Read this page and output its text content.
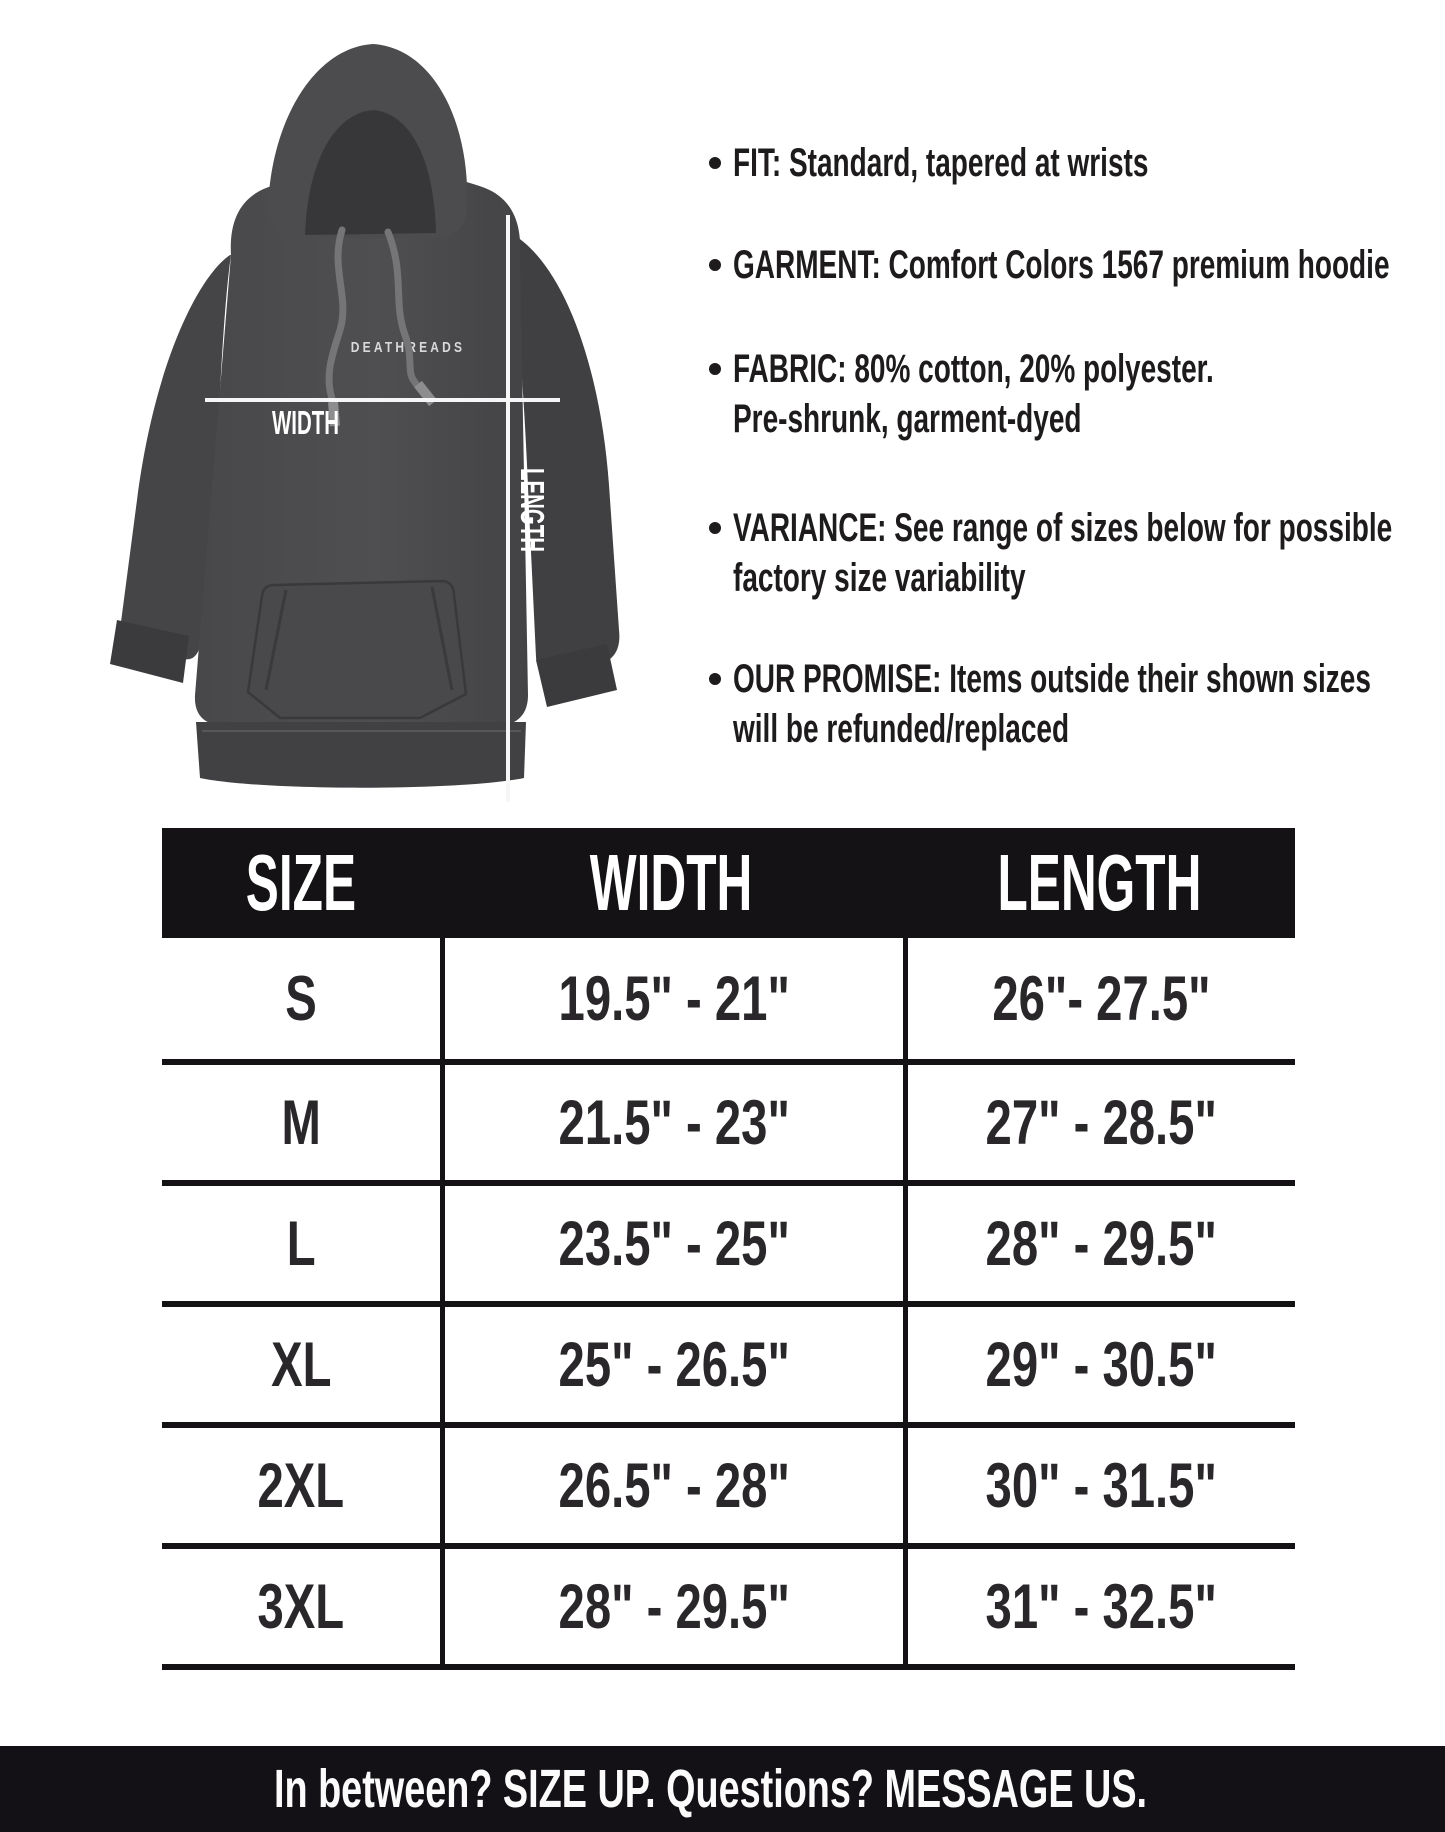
DEATHREADS
WIDTH
LENGTH
FIT: Standard, tapered at wrists
GARMENT: Comfort Colors 1567 premium hoodie
FABRIC: 80% cotton, 20% polyester.
Pre-shrunk, garment-dyed
VARIANCE: See range of sizes below for possible
factory size variability
OUR PROMISE: Items outside their shown sizes
will be refunded/replaced
SIZE	WIDTH	LENGTH
S	19.5" - 21"	26"- 27.5"
M	21.5" - 23"	27" - 28.5"
L	23.5" - 25"	28" - 29.5"
XL	25" - 26.5"	29" - 30.5"
2XL	26.5" - 28"	30" - 31.5"
3XL	28" - 29.5"	31" - 32.5"
In between? SIZE UP. Questions? MESSAGE US.
